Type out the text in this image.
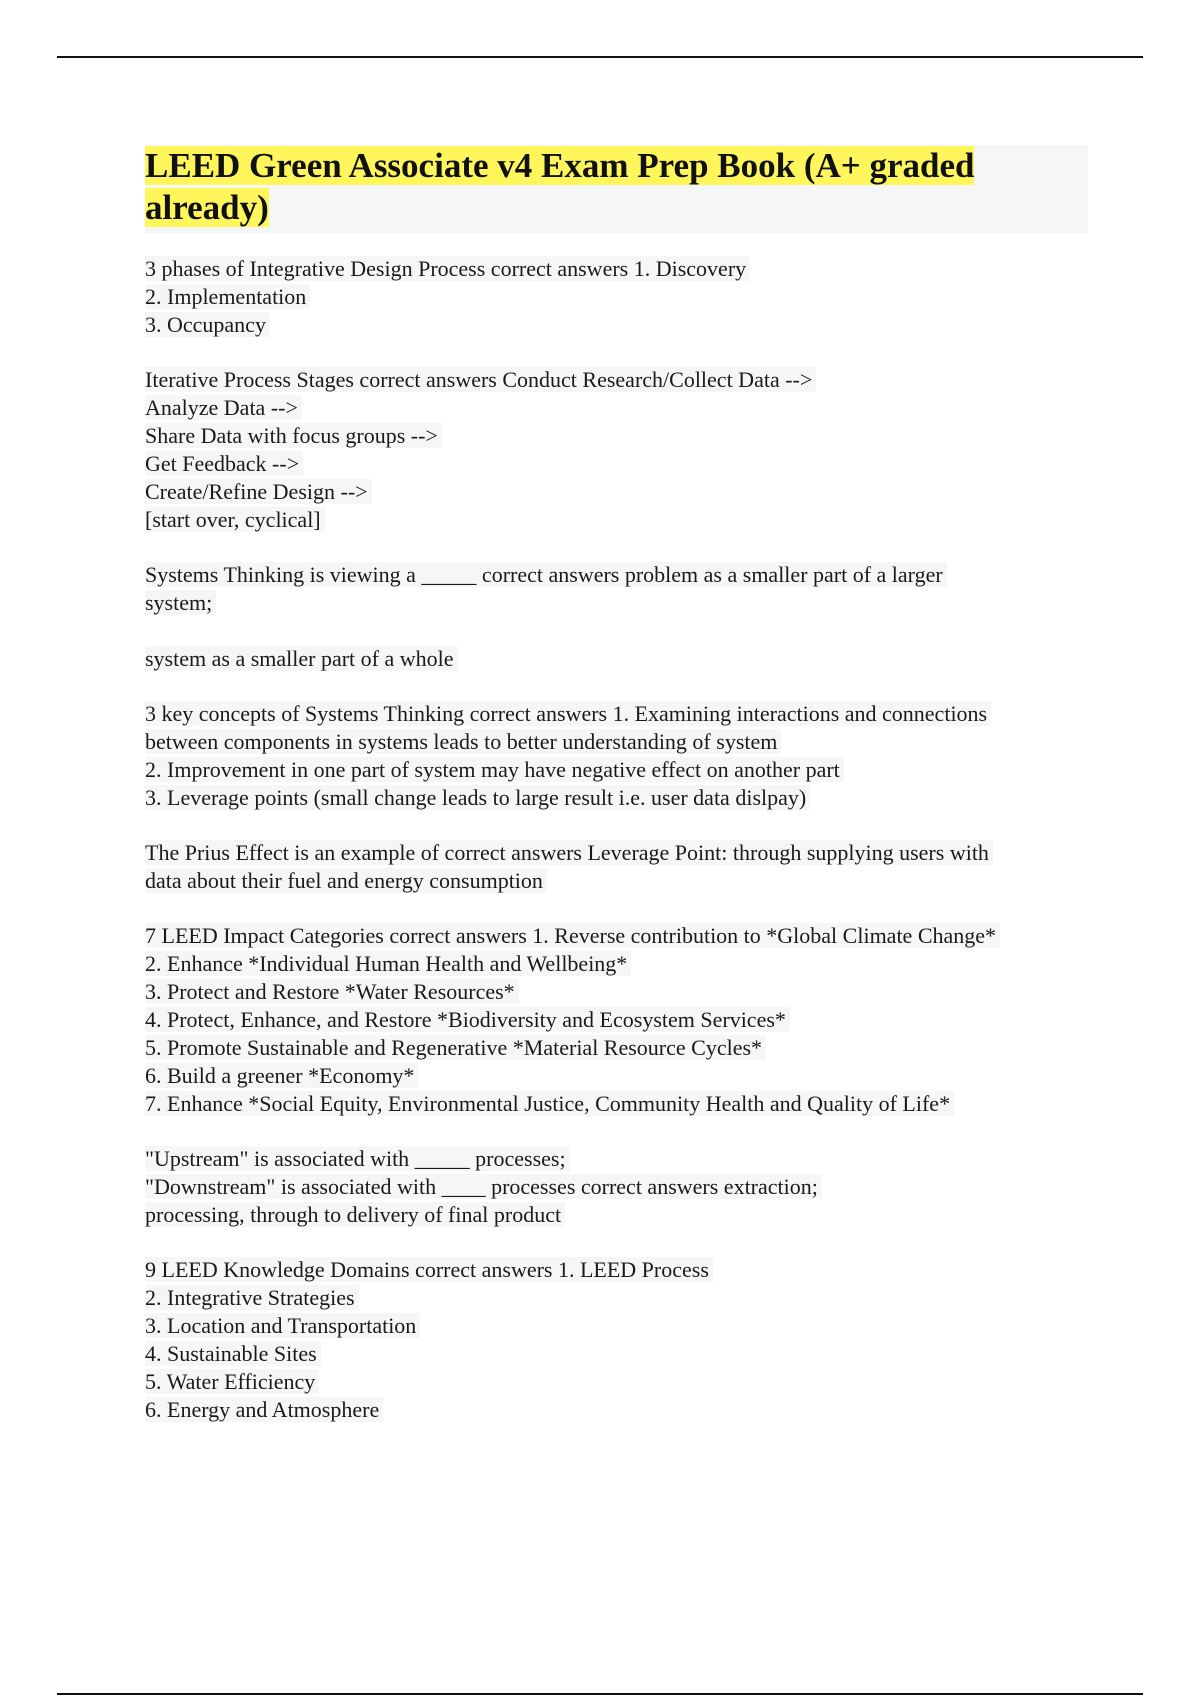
LEED Green Associate v4 Exam Prep Book (A+ graded
already)
3 phases of Integrative Design Process correct answers 1. Discovery
2. Implementation
3. Occupancy
Iterative Process Stages correct answers Conduct Research/Collect Data -->
Analyze Data -->
Share Data with focus groups -->
Get Feedback -->
Create/Refine Design -->
[start over, cyclical]
Systems Thinking is viewing a _____ correct answers problem as a smaller part of a larger
system;
system as a smaller part of a whole
3 key concepts of Systems Thinking correct answers 1. Examining interactions and connections
between components in systems leads to better understanding of system
2. Improvement in one part of system may have negative effect on another part
3. Leverage points (small change leads to large result i.e. user data dislpay)
The Prius Effect is an example of correct answers Leverage Point: through supplying users with
data about their fuel and energy consumption
7 LEED Impact Categories correct answers 1. Reverse contribution to *Global Climate Change*
2. Enhance *Individual Human Health and Wellbeing*
3. Protect and Restore *Water Resources*
4. Protect, Enhance, and Restore *Biodiversity and Ecosystem Services*
5. Promote Sustainable and Regenerative *Material Resource Cycles*
6. Build a greener *Economy*
7. Enhance *Social Equity, Environmental Justice, Community Health and Quality of Life*
"Upstream" is associated with _____ processes;
"Downstream" is associated with ____ processes correct answers extraction;
processing, through to delivery of final product
9 LEED Knowledge Domains correct answers 1. LEED Process
2. Integrative Strategies
3. Location and Transportation
4. Sustainable Sites
5. Water Efficiency
6. Energy and Atmosphere
